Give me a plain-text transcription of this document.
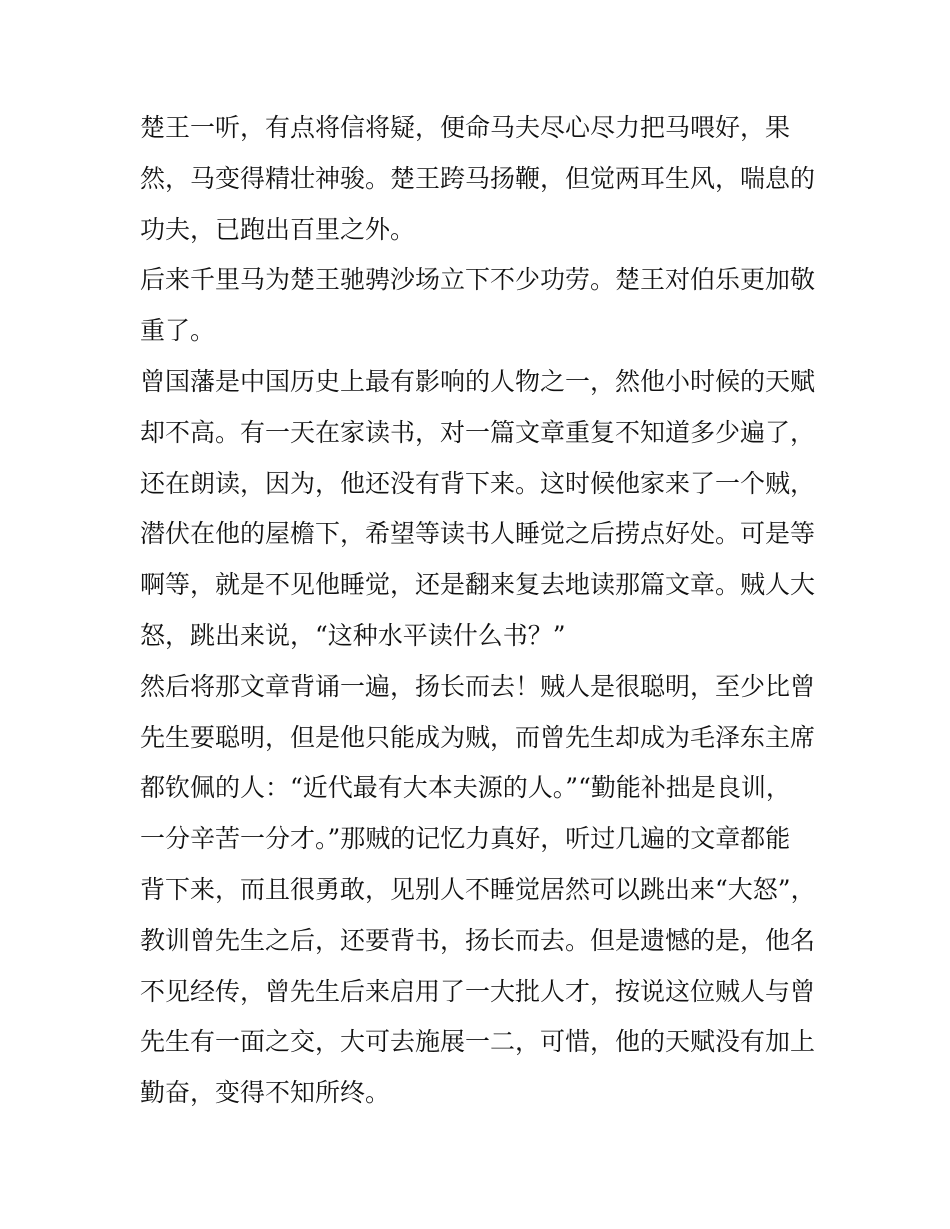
楚王一听，有点将信将疑，便命马夫尽心尽力把马喂好，果
然，马变得精壮神骏。楚王跨马扬鞭，但觉两耳生风，喘息的
功夫，已跑出百里之外。
后来千里马为楚王驰骋沙场立下不少功劳。楚王对伯乐更加敬
重了。
曾国藩是中国历史上最有影响的人物之一，然他小时候的天赋
却不高。有一天在家读书，对一篇文章重复不知道多少遍了，
还在朗读，因为，他还没有背下来。这时候他家来了一个贼，
潜伏在他的屋檐下，希望等读书人睡觉之后捞点好处。可是等
啊等，就是不见他睡觉，还是翻来复去地读那篇文章。贼人大
怒，跳出来说，“这种水平读什么书？”
然后将那文章背诵一遍，扬长而去！贼人是很聪明，至少比曾
先生要聪明，但是他只能成为贼，而曾先生却成为毛泽东主席
都钦佩的人：“近代最有大本夫源的人。”“勤能补拙是良训，
一分辛苦一分才。”那贼的记忆力真好，听过几遍的文章都能
背下来，而且很勇敢，见别人不睡觉居然可以跳出来“大怒”，
教训曾先生之后，还要背书，扬长而去。但是遗憾的是，他名
不见经传，曾先生后来启用了一大批人才，按说这位贼人与曾
先生有一面之交，大可去施展一二，可惜，他的天赋没有加上
勤奋，变得不知所终。
